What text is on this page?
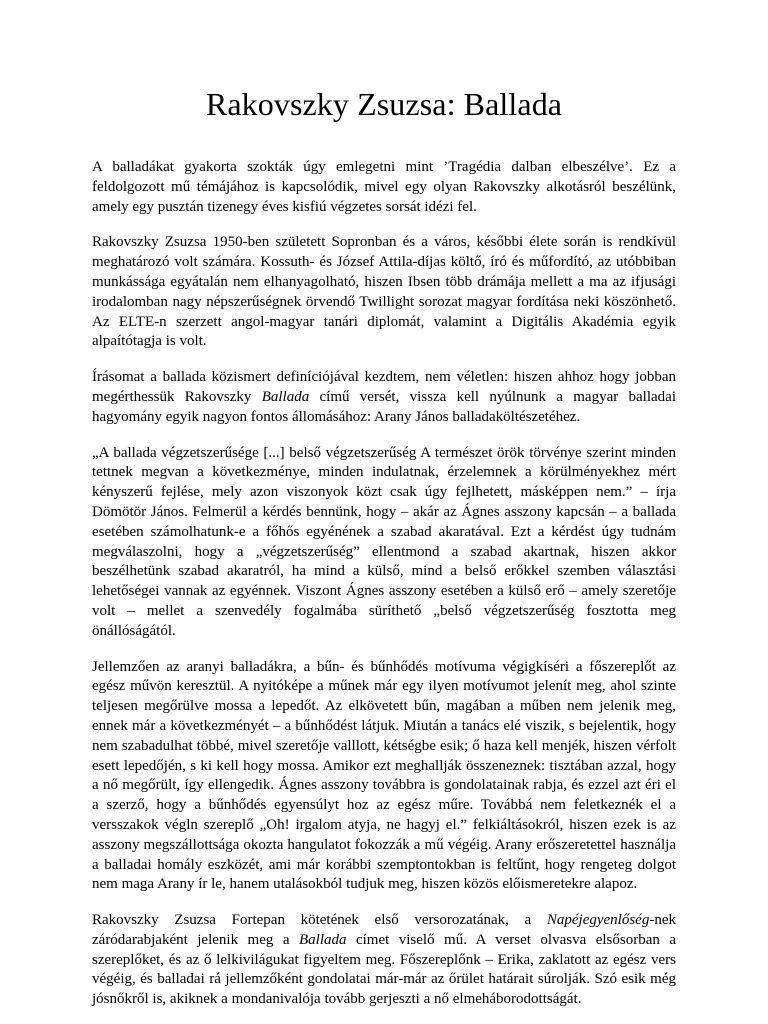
Rakovszky Zsuzsa: Ballada

A balladákat gyakorta szokták úgy emlegetni mint ’Tragédia dalban elbeszélve’. Ez a feldolgozott mű témájához is kapcsolódik, mivel egy olyan Rakovszky alkotásról beszélünk, amely egy pusztán tizenegy éves kisfiú végzetes sorsát idézi fel.

Rakovszky Zsuzsa 1950-ben született Sopronban és a város, későbbi élete során is rendkívül meghatározó volt számára. Kossuth- és József Attila-díjas költő, író és műfordító, az utóbbiban munkássága egyátalán nem elhanyagolható, hiszen Ibsen több drámája mellett a ma az ifjusági irodalomban nagy népszerűségnek örvendő Twillight sorozat magyar fordítása neki köszönhető. Az ELTE-n szerzett angol-magyar tanári diplomát, valamint a Digitális Akadémia egyik alpaítótagja is volt.

Írásomat a ballada közismert definíciójával kezdtem, nem véletlen: hiszen ahhoz hogy jobban megérthessük Rakovszky Ballada című versét, vissza kell nyúlnunk a magyar balladai hagyomány egyik nagyon fontos állomásához: Arany János balladaköltészetéhez.

„A ballada végzetszerűsége [...] belső végzetszerűség A természet örök törvénye szerint minden tettnek megvan a következménye, minden indulatnak, érzelemnek a körülményekhez mért kényszerű fejlése, mely azon viszonyok közt csak úgy fejlhetett, másképpen nem.” – írja Dömötör János. Felmerül a kérdés bennünk, hogy – akár az Ágnes asszony kapcsán – a ballada esetében számolhatunk-e a főhős egyénének a szabad akaratával. Ezt a kérdést úgy tudnám megválaszolni, hogy a „végzetszerűség” ellentmond a szabad akartnak, hiszen akkor beszélhetünk szabad akaratról, ha mind a külső, mind a belső erőkkel szemben választási lehetőségei vannak az egyénnek. Viszont Ágnes asszony esetében a külső erő – amely szeretője volt – mellet a szenvedély fogalmába süríthető „belső végzetszerűség fosztotta meg önállóságától.

Jellemzően az aranyi balladákra, a bűn- és bűnhődés motívuma végigkíséri a főszereplőt az egész művön keresztül. A nyitóképe a műnek már egy ilyen motívumot jelenít meg, ahol szinte teljesen megőrülve mossa a lepedőt. Az elkövetett bűn, magában a műben nem jelenik meg, ennek már a következményét – a bűnhődést látjuk. Miután a tanács elé viszik, s bejelentik, hogy nem szabadulhat többé, mivel szeretője valllott, kétségbe esik; ő haza kell menjék, hiszen vérfolt esett lepedőjén, s ki kell hogy mossa. Amikor ezt meghallják összeneznek: tisztában azzal, hogy a nő megőrült, így ellengedik. Ágnes asszony továbbra is gondolatainak rabja, és ezzel azt éri el a szerző, hogy a bűnhődés egyensúlyt hoz az egész műre. Továbbá nem feletkeznék el a versszakok végln szereplő „Oh! irgalom atyja, ne hagyj el.” felkiáltásokról, hiszen ezek is az asszony megszállottsága okozta hangulatot fokozzák a mű végéig. Arany erőszeretettel használja a balladai homály eszközét, ami már korábbi szemptontokban is feltűnt, hogy rengeteg dolgot nem maga Arany ír le, hanem utalásokból tudjuk meg, hiszen közös előismeretekre alapoz.

Rakovszky Zsuzsa Fortepan kötetének első versorozatának, a Napéjegyenlőség-nek záródarabjaként jelenik meg a Ballada címet viselő mű. A verset olvasva elsősorban a szereplőket, és az ő lelkivilágukat figyeltem meg. Főszereplőnk – Erika, zaklatott az egész vers végéig, és balladai rá jellemzőként gondolatai már-már az őrület határait súrolják. Szó esik még jósnőkről is, akiknek a mondanivalója tovább gerjeszti a nő elmeháborodottságát.
